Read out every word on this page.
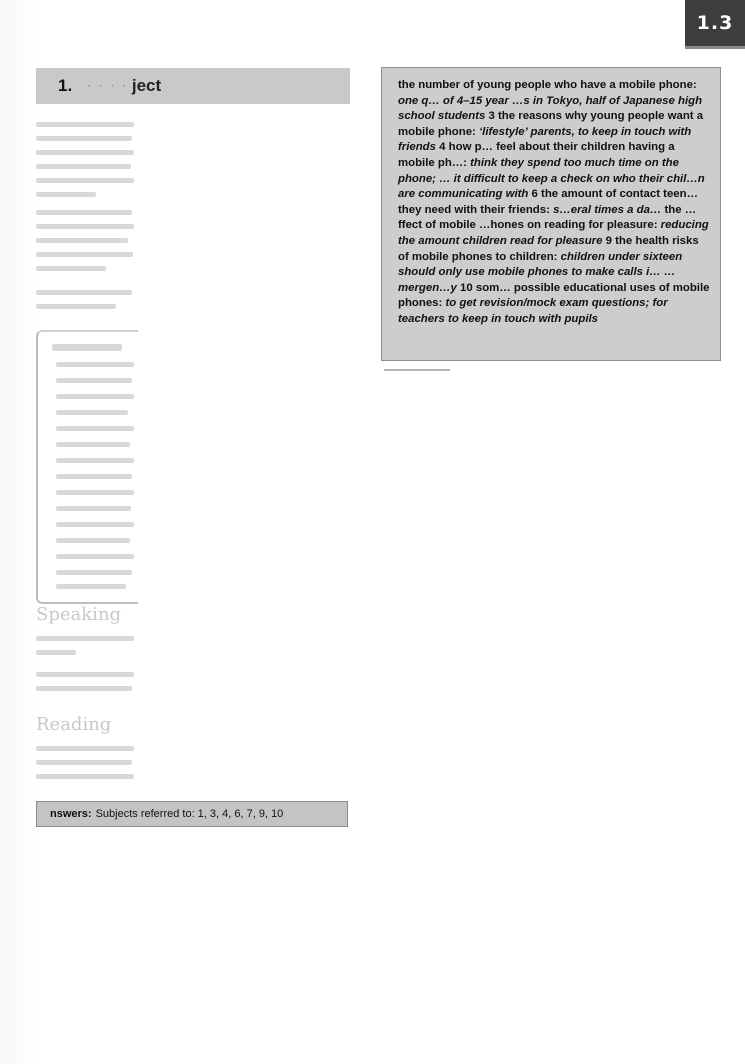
1.3
1. · · · · ject
Speaking
Reading

the number of young people who have a mobile phone: one q… of 4–15 year …s in Tokyo, half of Japanese high school students 3 the reasons why young people want a mobile phone: ‘lifestyle’ parents, to keep in touch with friends 4 how p… feel about their children having a mobile ph…: think they spend too much time on the phone; … it difficult to keep a check on who their chil…n are communicating with 6 the amount of contact teen… they need with their friends: s…eral times a da… the …ffect of mobile …hones on reading for pleasure: reducing the amount children read for pleasure 9 the health risks of mobile phones to children: children under sixteen should only use mobile phones to make calls i… …mergen…y 10 som… possible educational uses of mobile phones: to get revision/mock exam questions; for teachers to keep in touch with pupils

nswers: Subjects referred to: 1, 3, 4, 6, 7, 9, 10
